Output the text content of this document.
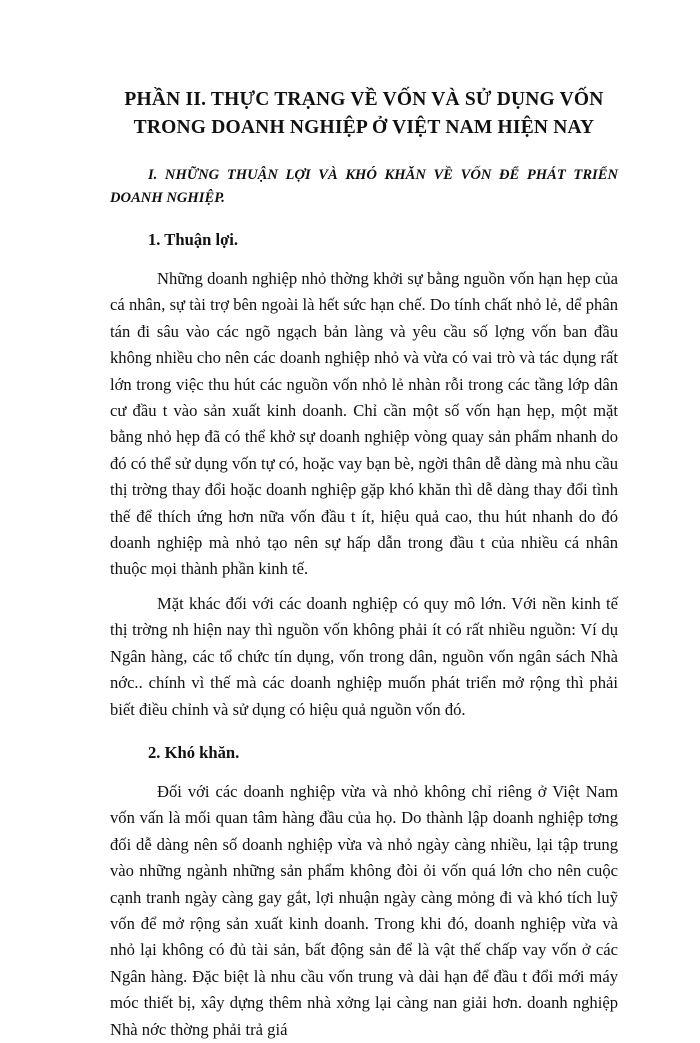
PHẦN II. THỰC TRẠNG VỀ VỐN VÀ SỬ DỤNG VỐN TRONG DOANH NGHIỆP Ở VIỆT NAM HIỆN NAY
I. NHỮNG THUẬN LỢI VÀ KHÓ KHĂN VỀ VỐN ĐỂ PHÁT TRIỂN DOANH NGHIỆP.
1. Thuận lợi.

Những doanh nghiệp nhỏ thờng khởi sự bằng nguồn vốn hạn hẹp của cá nhân, sự tài trợ bên ngoài là hết sức hạn chế. Do tính chất nhỏ lẻ, dể phân tán đi sâu vào các ngõ ngạch bản làng và yêu cầu số lợng vốn ban đầu không nhiều cho nên các doanh nghiệp nhỏ và vừa có vai trò và tác dụng rất lớn trong việc thu hút các nguồn vốn nhỏ lẻ nhàn rỗi trong các tầng lớp dân cư đầu t vào sản xuất kinh doanh. Chỉ cần một số vốn hạn hẹp, một mặt bằng nhỏ hẹp đã có thể khở sự doanh nghiệp vòng quay sản phẩm nhanh do đó có thể sử dụng vốn tự có, hoặc vay bạn bè, ngời thân dễ dàng mà nhu cầu thị trờng thay đổi hoặc doanh nghiệp gặp khó khăn thì dễ dàng thay đổi tình thế để thích ứng hơn nữa vốn đầu t ít, hiệu quả cao, thu hút nhanh do đó doanh nghiệp mà nhỏ tạo nên sự hấp dẫn trong đầu t của nhiều cá nhân thuộc mọi thành phần kinh tế.

Mặt khác đối với các doanh nghiệp có quy mô lớn. Với nền kinh tế thị trờng nh hiện nay thì nguồn vốn không phải ít có rất nhiều nguồn: Ví dụ Ngân hàng, các tổ chức tín dụng, vốn trong dân, nguồn vốn ngân sách Nhà nớc.. chính vì thế mà các doanh nghiệp muốn phát triển mở rộng thì phải biết điều chỉnh và sử dụng có hiệu quả nguồn vốn đó.

2. Khó khăn.

Đối với các doanh nghiệp vừa và nhỏ không chỉ riêng ở Việt Nam vốn vấn là mối quan tâm hàng đầu của họ. Do thành lập doanh nghiệp tơng đối dễ dàng nên số doanh nghiệp vừa và nhỏ ngày càng nhiều, lại tập trung vào những ngành những sản phẩm không đòi ỏi vốn quá lớn cho nên cuộc cạnh tranh ngày càng gay gắt, lợi nhuận ngày càng mỏng đi và khó tích luỹ vốn để mở rộng sản xuất kinh doanh. Trong khi đó, doanh nghiệp vừa và nhỏ lại không có đủ tài sản, bất động sản để là vật thế chấp vay vốn ở các Ngân hàng. Đặc biệt là nhu cầu vốn trung và dài hạn để đầu t đổi mới máy móc thiết bị, xây dựng thêm nhà xởng lại càng nan giải hơn. doanh nghiệp Nhà nớc thờng phải trả giá
